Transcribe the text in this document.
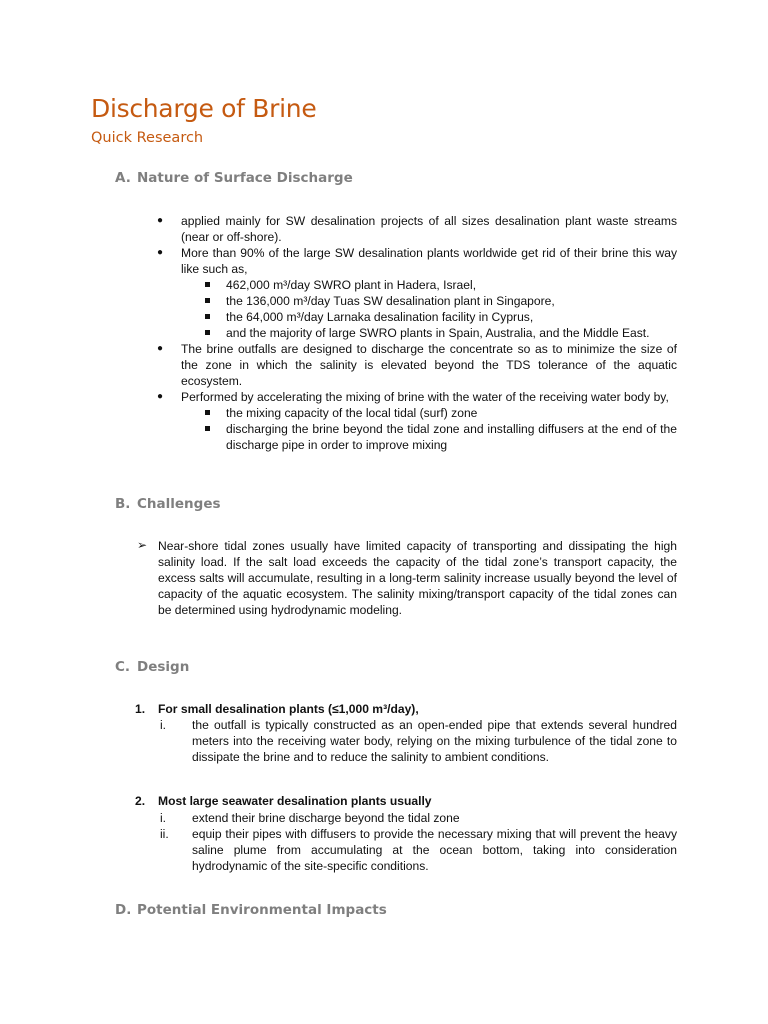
Discharge of Brine
Quick Research
A. Nature of Surface Discharge
● applied mainly for SW desalination projects of all sizes desalination plant waste streams (near or off-shore).
● More than 90% of the large SW desalination plants worldwide get rid of their brine this way like such as,
462,000 m³/day SWRO plant in Hadera, Israel,
the 136,000 m³/day Tuas SW desalination plant in Singapore,
the 64,000 m³/day Larnaka desalination facility in Cyprus,
and the majority of large SWRO plants in Spain, Australia, and the Middle East.
● The brine outfalls are designed to discharge the concentrate so as to minimize the size of the zone in which the salinity is elevated beyond the TDS tolerance of the aquatic ecosystem.
● Performed by accelerating the mixing of brine with the water of the receiving water body by,
the mixing capacity of the local tidal (surf) zone
discharging the brine beyond the tidal zone and installing diffusers at the end of the discharge pipe in order to improve mixing
B. Challenges
➢ Near-shore tidal zones usually have limited capacity of transporting and dissipating the high salinity load. If the salt load exceeds the capacity of the tidal zone’s transport capacity, the excess salts will accumulate, resulting in a long-term salinity increase usually beyond the level of capacity of the aquatic ecosystem. The salinity mixing/transport capacity of the tidal zones can be determined using hydrodynamic modeling.
C. Design
1. For small desalination plants (≤1,000 m³/day),
i. the outfall is typically constructed as an open-ended pipe that extends several hundred meters into the receiving water body, relying on the mixing turbulence of the tidal zone to dissipate the brine and to reduce the salinity to ambient conditions.
2. Most large seawater desalination plants usually
i. extend their brine discharge beyond the tidal zone
ii. equip their pipes with diffusers to provide the necessary mixing that will prevent the heavy saline plume from accumulating at the ocean bottom, taking into consideration hydrodynamic of the site-specific conditions.
D. Potential Environmental Impacts
